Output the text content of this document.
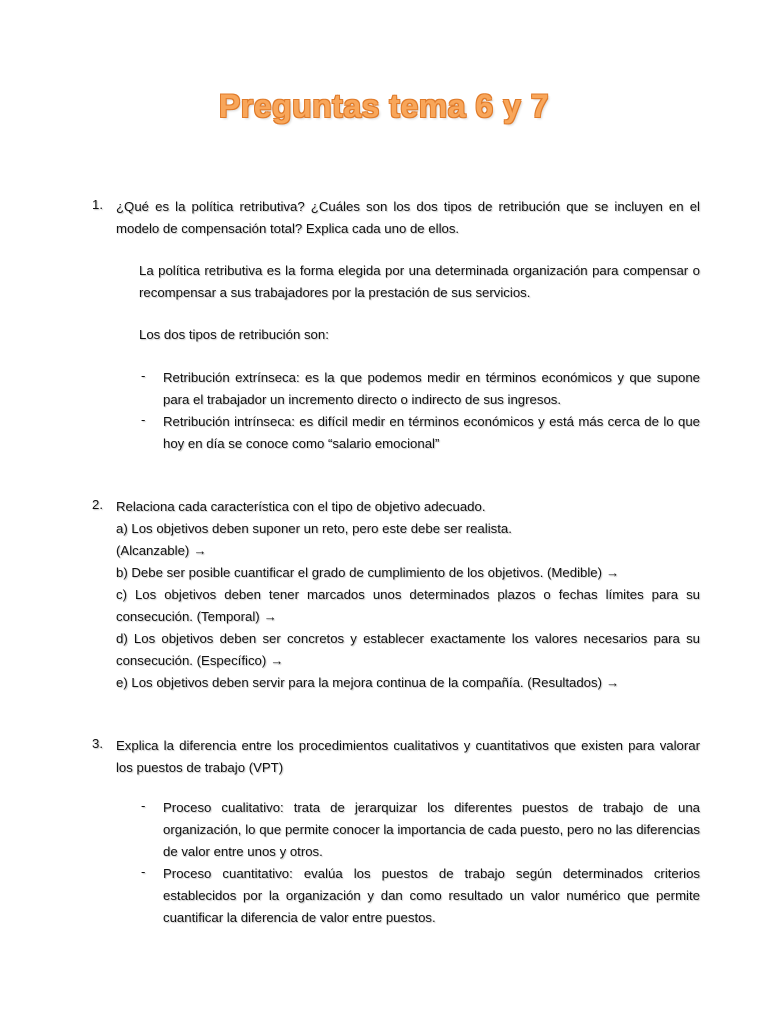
Preguntas tema 6 y 7
1. ¿Qué es la política retributiva? ¿Cuáles son los dos tipos de retribución que se incluyen en el modelo de compensación total? Explica cada uno de ellos.
La política retributiva es la forma elegida por una determinada organización para compensar o recompensar a sus trabajadores por la prestación de sus servicios.
Los dos tipos de retribución son:
- Retribución extrínseca: es la que podemos medir en términos económicos y que supone para el trabajador un incremento directo o indirecto de sus ingresos.
- Retribución intrínseca: es difícil medir en términos económicos y está más cerca de lo que hoy en día se conoce como “salario emocional”
2. Relaciona cada característica con el tipo de objetivo adecuado.
a) Los objetivos deben suponer un reto, pero este debe ser realista.
(Alcanzable) →
b) Debe ser posible cuantificar el grado de cumplimiento de los objetivos. (Medible) →
c) Los objetivos deben tener marcados unos determinados plazos o fechas límites para su consecución. (Temporal) →
d) Los objetivos deben ser concretos y establecer exactamente los valores necesarios para su consecución. (Específico) →
e) Los objetivos deben servir para la mejora continua de la compañía. (Resultados) →
3. Explica la diferencia entre los procedimientos cualitativos y cuantitativos que existen para valorar los puestos de trabajo (VPT)
- Proceso cualitativo: trata de jerarquizar los diferentes puestos de trabajo de una organización, lo que permite conocer la importancia de cada puesto, pero no las diferencias de valor entre unos y otros.
- Proceso cuantitativo: evalúa los puestos de trabajo según determinados criterios establecidos por la organización y dan como resultado un valor numérico que permite cuantificar la diferencia de valor entre puestos.
